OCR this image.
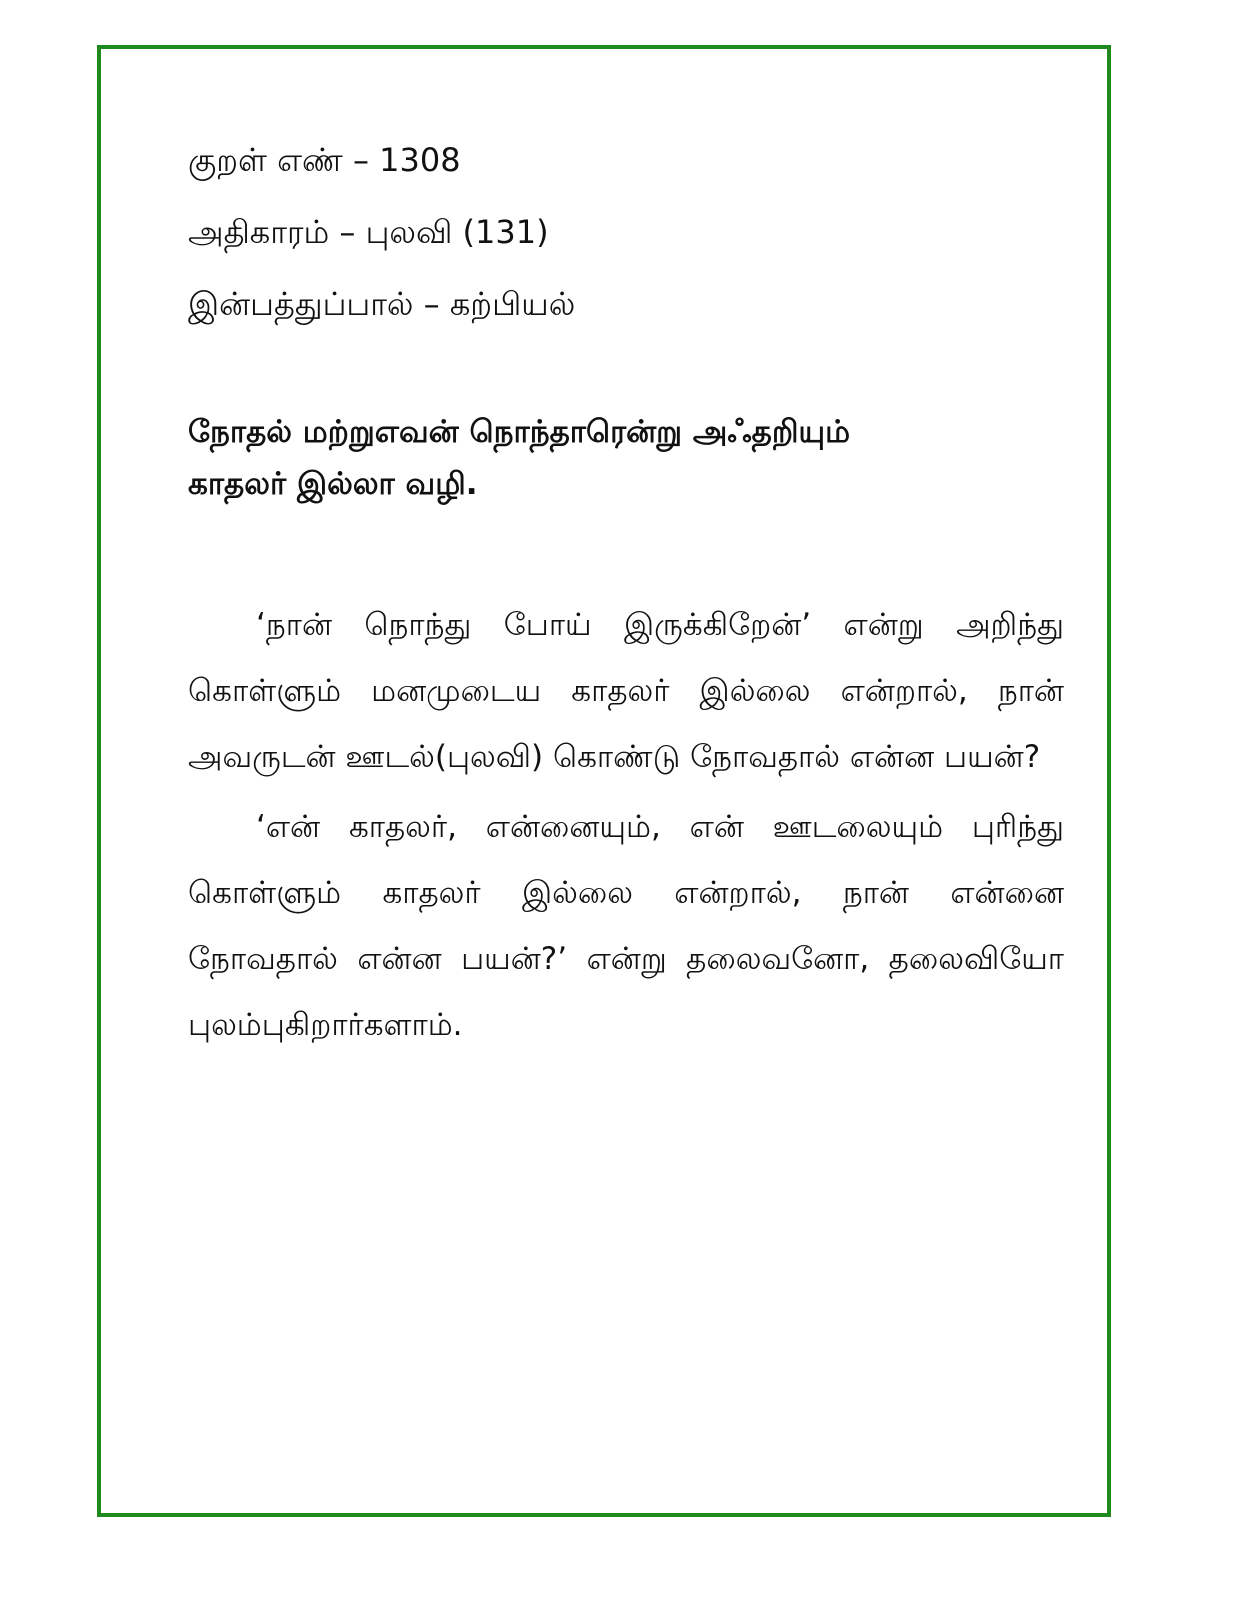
குறள் எண் – 1308
அதிகாரம் – புலவி (131)
இன்பத்துப்பால் – கற்பியல்
நோதல் மற்றுஎவன் நொந்தாரென்று அஃதறியும்
காதலர் இல்லா வழி.
‘நான் நொந்து போய் இருக்கிறேன்’ என்று அறிந்து கொள்ளும் மனமுடைய காதலர் இல்லை என்றால், நான் அவருடன் ஊடல்(புலவி) கொண்டு நோவதால் என்ன பயன்?
‘என் காதலர், என்னையும், என் ஊடலையும் புரிந்து கொள்ளும் காதலர் இல்லை என்றால், நான் என்னை நோவதால் என்ன பயன்?’ என்று தலைவனோ, தலைவியோ புலம்புகிறார்களாம்.
